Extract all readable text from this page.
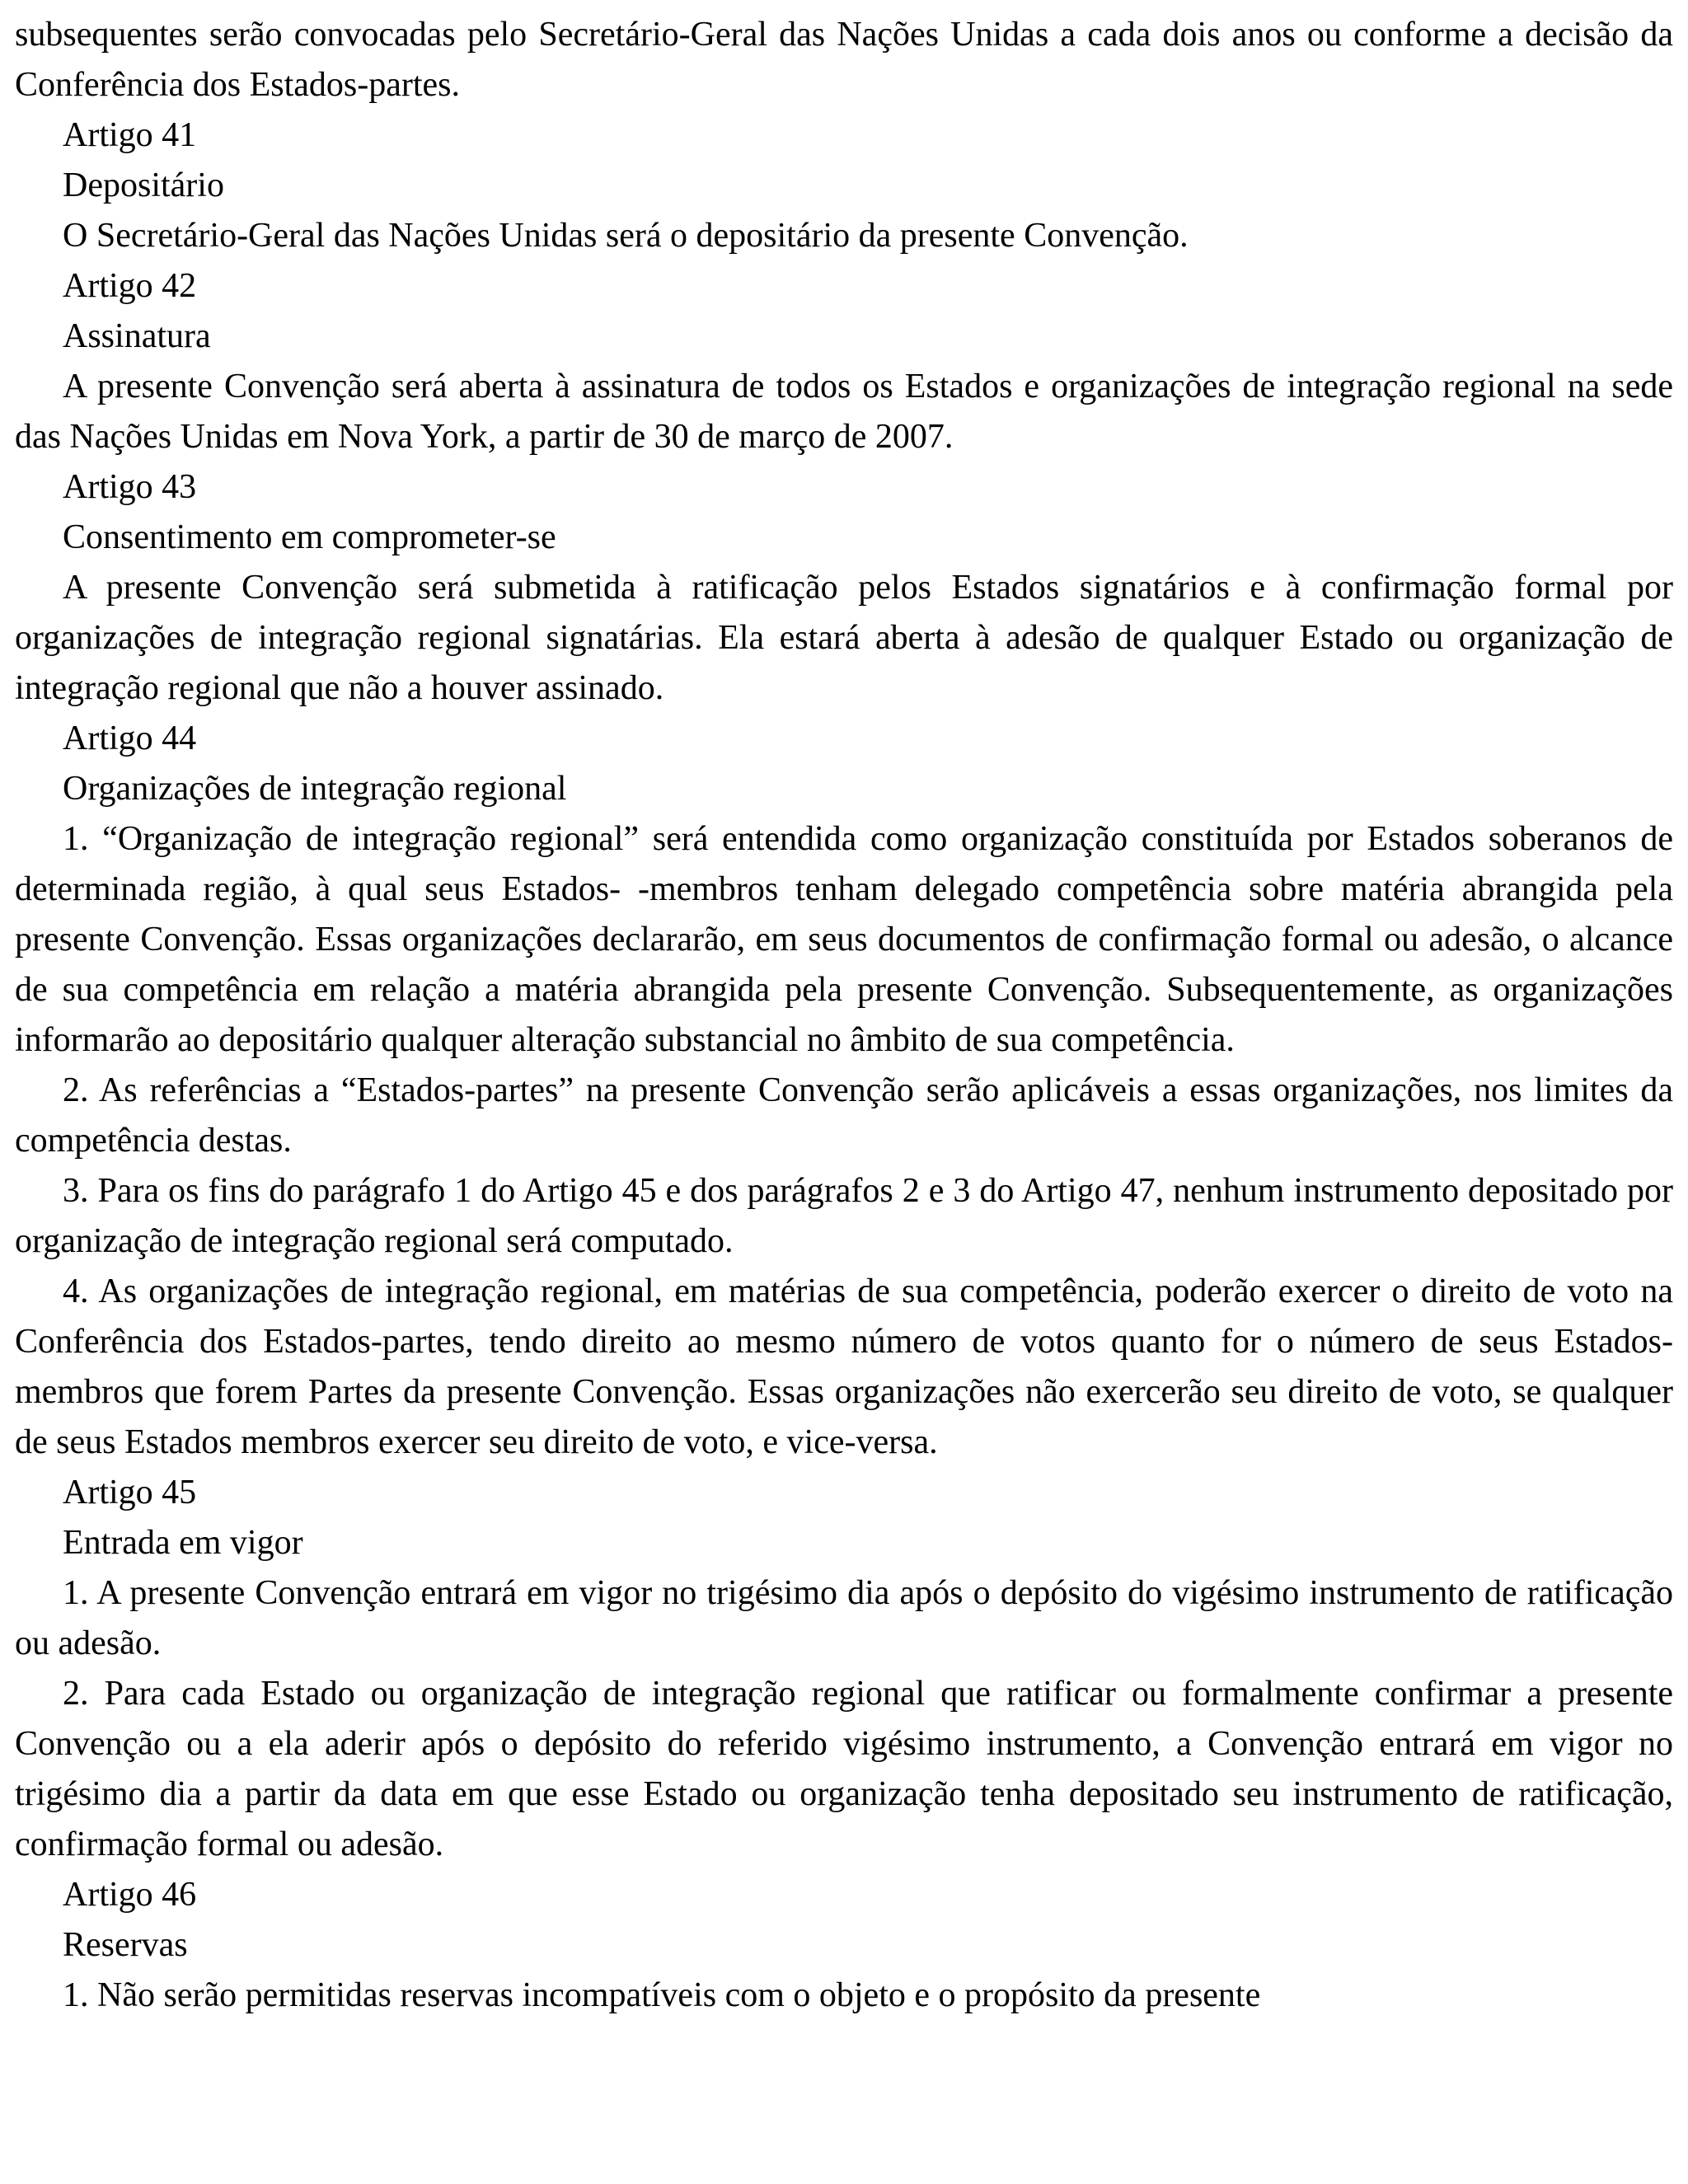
subsequentes serão convocadas pelo Secretário-Geral das Nações Unidas a cada dois anos ou conforme a decisão da Conferência dos Estados-partes.

Artigo 41

Depositário

O Secretário-Geral das Nações Unidas será o depositário da presente Convenção.

Artigo 42

Assinatura

A presente Convenção será aberta à assinatura de todos os Estados e organizações de integração regional na sede das Nações Unidas em Nova York, a partir de 30 de março de 2007.

Artigo 43

Consentimento em comprometer-se

A presente Convenção será submetida à ratificação pelos Estados signatários e à confirmação formal por organizações de integração regional signatárias. Ela estará aberta à adesão de qualquer Estado ou organização de integração regional que não a houver assinado.

Artigo 44

Organizações de integração regional

1. “Organização de integração regional” será entendida como organização constituída por Estados soberanos de determinada região, à qual seus Estados- -membros tenham delegado competência sobre matéria abrangida pela presente Convenção. Essas organizações declararão, em seus documentos de confirmação formal ou adesão, o alcance de sua competência em relação a matéria abrangida pela presente Convenção. Subsequentemente, as organizações informarão ao depositário qualquer alteração substancial no âmbito de sua competência.

2. As referências a “Estados-partes” na presente Convenção serão aplicáveis a essas organizações, nos limites da competência destas.

3. Para os fins do parágrafo 1 do Artigo 45 e dos parágrafos 2 e 3 do Artigo 47, nenhum instrumento depositado por organização de integração regional será computado.

4. As organizações de integração regional, em matérias de sua competência, poderão exercer o direito de voto na Conferência dos Estados-partes, tendo direito ao mesmo número de votos quanto for o número de seus Estados-membros que forem Partes da presente Convenção. Essas organizações não exercerão seu direito de voto, se qualquer de seus Estados membros exercer seu direito de voto, e vice-versa.

Artigo 45

Entrada em vigor

1. A presente Convenção entrará em vigor no trigésimo dia após o depósito do vigésimo instrumento de ratificação ou adesão.

2. Para cada Estado ou organização de integração regional que ratificar ou formalmente confirmar a presente Convenção ou a ela aderir após o depósito do referido vigésimo instrumento, a Convenção entrará em vigor no trigésimo dia a partir da data em que esse Estado ou organização tenha depositado seu instrumento de ratificação, confirmação formal ou adesão.

Artigo 46

Reservas

1. Não serão permitidas reservas incompatíveis com o objeto e o propósito da presente
